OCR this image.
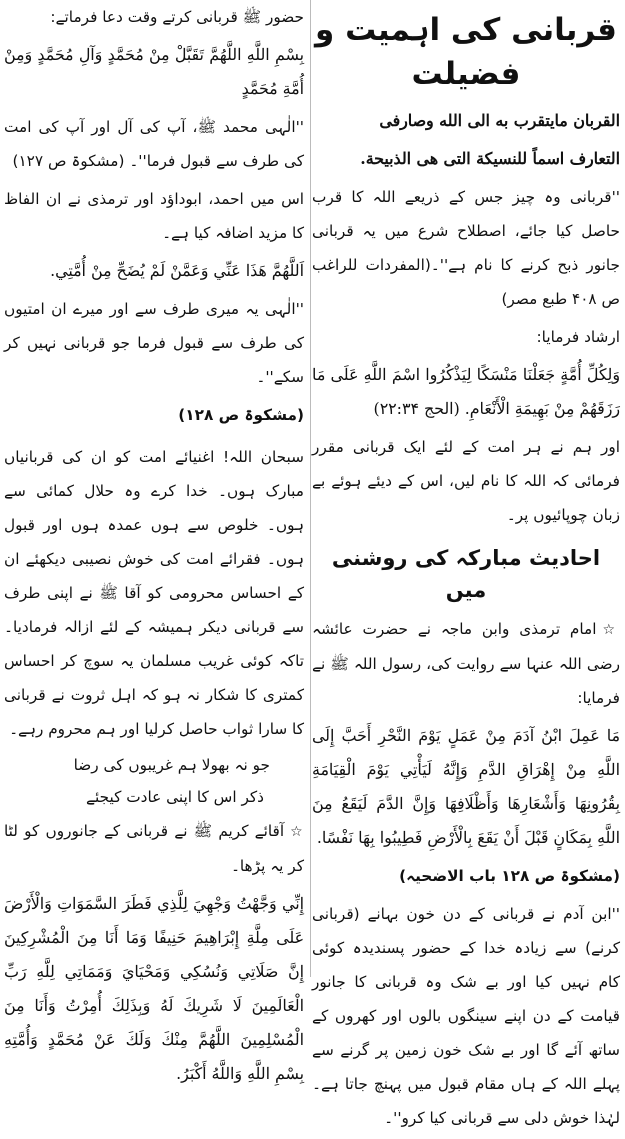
قربانی کی اہمیت و فضیلت

القربان مايتقرب به الی الله وصارفی

التعارف اسماً للنسيكة التی هی الذبيحة.

''قربانی وہ چیز جس کے ذریعے اللہ کا قرب حاصل کیا جائے، اصطلاح شرع میں یہ قربانی جانور ذبح کرنے کا نام ہے''۔(المفردات للراغب ص ۴۰۸ طبع مصر)

ارشاد فرمایا:

وَلِكُلِّ أُمَّةٍ جَعَلْنَا مَنْسَكًا لِيَذْكُرُوا اسْمَ اللَّهِ عَلَى مَا رَزَقَهُمْ مِنْ بَهِيمَةِ الْأَنْعَامِ. (الحج ۲۲:۳۴)

اور ہم نے ہر امت کے لئے ایک قربانی مقرر فرمائی کہ اللہ کا نام لیں، اس کے دیئے ہوئے بے زبان چوپائیوں پر۔

احادیث مبارکہ کی روشنی میں

☆امام ترمذی وابن ماجہ نے حضرت عائشہ رضی اللہ عنہا سے روایت کی، رسول اللہ ﷺ نے فرمایا:

مَا عَمِلَ ابْنُ آدَمَ مِنْ عَمَلٍ يَوْمَ النَّحْرِ أَحَبَّ إِلَى اللَّهِ مِنْ إِهْرَاقِ الدَّمِ وَإِنَّهُ لَيَأْتِي يَوْمَ الْقِيَامَةِ بِقُرُونِهَا وَأَشْعَارِهَا وَأَظْلَافِهَا وَإِنَّ الدَّمَ لَيَقَعُ مِنَ اللَّهِ بِمَكَانٍ قَبْلَ أَنْ يَقَعَ بِالْأَرْضِ فَطِيبُوا بِهَا نَفْسًا.

(مشکوۃ ص ۱۲۸ باب الاضحیہ)

''ابن آدم نے قربانی کے دن خون بہانے (قربانی کرنے) سے زیادہ خدا کے حضور پسندیدہ کوئی کام نہیں کیا اور بے شک وہ قربانی کا جانور قیامت کے دن اپنے سینگوں بالوں اور کھروں کے ساتھ آئے گا اور بے شک خون زمین پر گرنے سے پہلے اللہ کے ہاں مقام قبول میں پہنچ جاتا ہے۔ لہٰذا خوش دلی سے قربانی کیا کرو''۔

حضور ﷺ قربانی کرتے وقت دعا فرماتے:

بِسْمِ اللَّهِ اللَّهُمَّ تَقَبَّلْ مِنْ مُحَمَّدٍ وَآلِ مُحَمَّدٍ وَمِنْ أُمَّةِ مُحَمَّدٍ

''الٰہی محمد ﷺ، آپ کی آل اور آپ کی امت کی طرف سے قبول فرما''۔ (مشکوۃ ص ۱۲۷)

اس میں احمد، ابوداؤد اور ترمذی نے ان الفاظ کا مزید اضافہ کیا ہے۔

اَللَّهُمَّ هَذَا عَنِّي وَعَمَّنْ لَمْ يُضَحِّ مِنْ أُمَّتِي.

''الٰہی یہ میری طرف سے اور میرے ان امتیوں کی طرف سے قبول فرما جو قربانی نہیں کر سکے''۔

(مشکوۃ ص ۱۲۸)

سبحان اللہ! اغنیائے امت کو ان کی قربانیاں مبارک ہوں۔ خدا کرے وہ حلال کمائی سے ہوں۔ خلوص سے ہوں عمدہ ہوں اور قبول ہوں۔ فقرائے امت کی خوش نصیبی دیکھئے ان کے احساس محرومی کو آقا ﷺ نے اپنی طرف سے قربانی دیکر ہمیشہ کے لئے ازالہ فرمادیا۔ تاکہ کوئی غریب مسلمان یہ سوچ کر احساس کمتری کا شکار نہ ہو کہ اہل ثروت نے قربانی کا سارا ثواب حاصل کرلیا اور ہم محروم رہے۔

جو نہ بھولا ہم غریبوں کی رضا
ذکر اس کا اپنی عادت کیجئے

☆آقائے کریم ﷺ نے قربانی کے جانوروں کو لٹا کر یہ پڑھا۔

إِنِّي وَجَّهْتُ وَجْهِيَ لِلَّذِي فَطَرَ السَّمَوَاتِ وَالْأَرْضَ عَلَى مِلَّةِ إِبْرَاهِيمَ حَنِيفًا وَمَا أَنَا مِنَ الْمُشْرِكِينَ إِنَّ صَلَاتِي وَنُسُكِي وَمَحْيَايَ وَمَمَاتِي لِلَّهِ رَبِّ الْعَالَمِينَ لَا شَرِيكَ لَهُ وَبِذَلِكَ أُمِرْتُ وَأَنَا مِنَ الْمُسْلِمِينَ اللَّهُمَّ مِنْكَ وَلَكَ عَنْ مُحَمَّدٍ وَأُمَّتِهِ بِسْمِ اللَّهِ وَاللَّهُ أَكْبَرُ.
